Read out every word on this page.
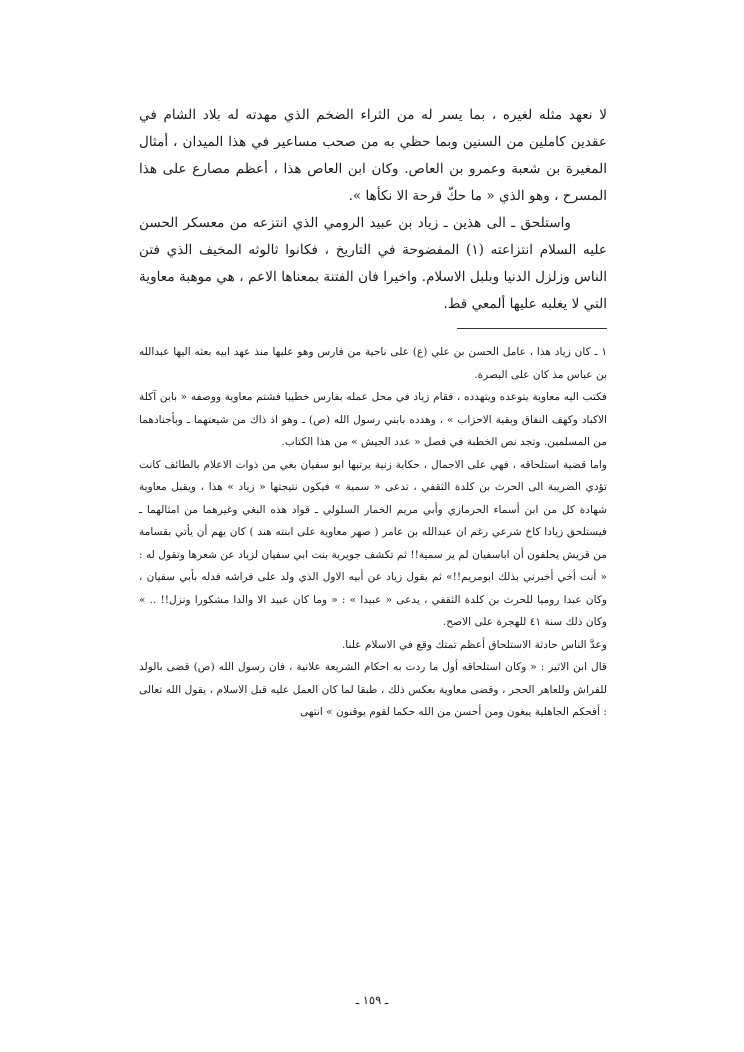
لا نعهد مثله لغيره ، بما يسر له من الثراء الضخم الذي مهدته له بلاد الشام في عقدين كاملين من السنين وبما حظي به من صحب مساعير في هذا الميدان ، أمثال المغيرة بن شعبة وعمرو بن العاص. وكان ابن العاص هذا ، أعظم مصارع على هذا المسرح ، وهو الذي « ما حكّ قرحة الا نكأها ».

واستلحق ـ الى هذين ـ زياد بن عبيد الرومي الذي انتزعه من معسكر الحسن عليه السلام انتزاعته (١) المفضوحة في التاريخ ، فكانوا ثالوثه المخيف الذي فتن الناس وزلزل الدنيا وبلبل الاسلام. واخيرا فان الفتنة بمعناها الاعم ، هي موهبة معاوية التي لا يغلبه عليها ألمعي قط.

١ ـ كان زياد هذا ، عامل الحسن بن علي (ع) على ناحية من فارس وهو عليها منذ عهد ابيه بعثه اليها عبدالله بن عباس مذ كان على البصرة.

فكتب اليه معاوية يتوعده ويتهدده ، فقام زياد في محل عمله بفارس خطيبا فشتم معاوية ووصفه « بابن آكلة الاكباد وكهف النفاق وبقية الاحزاب » ، وهدده بابني رسول الله (ص) ـ وهو اذ ذاك من شيعتهما ـ وبأجنادهما من المسلمين. وتجد نص الخطبة في فصل « عدد الجيش » من هذا الكتاب.

واما قضية استلحاقه ، فهي على الاجمال ، حكاية زنية يرتبها ابو سفيان بغي من ذوات الاعلام بالطائف كانت تؤدي الضريبة الى الحرث بن كلدة الثقفي ، تدعى « سمية » فيكون نتيجتها « زياد » هذا ، ويقبل معاوية شهادة كل من ابن أسماء الحرمازي وأبي مريم الخمار السلولي ـ قواد هذه البغي وغيرهما من امثالهما ـ فيستلحق زيادا كاخ شرعي رغم ان عبدالله بن عامر ( صهر معاوية على ابنته هند ) كان يهم أن يأتي بقسامة من قريش يحلفون أن اباسفيان لم ير سمية!! ثم تكشف جويرية بنت ابي سفيان لزياد عن شعرها وتقول له : « أنت أخي أخبرني بذلك ابومريم!!» ثم يقول زياد عن أبيه الاول الذي ولد على فراشه فدله بأبي سفيان ، وكان عبدا روميا للحرث بن كلدة الثقفي ، يدعى « عبيدا » : « وما كان عبيد الا والدا مشكورا ونزل!! .. » وكان ذلك سنة ٤١ للهجرة على الاصح.

وعدَّ الناس حادثة الاستلحاق أعظم تمتك وقع في الاسلام علنا.

قال ابن الاثير : « وكان استلحاقه أول ما ردت به احكام الشريعة علانية ، فان رسول الله (ص) قضى بالولد للفراش وللعاهر الحجر ، وقضى معاوية بعكس ذلك ، طبقا لما كان العمل عليه قبل الاسلام ، يقول الله تعالى : أفحكم الجاهلية يبغون ومن أحسن من الله حكما لقوم يوقنون » انتهى

ـ ١٥٩ ـ
